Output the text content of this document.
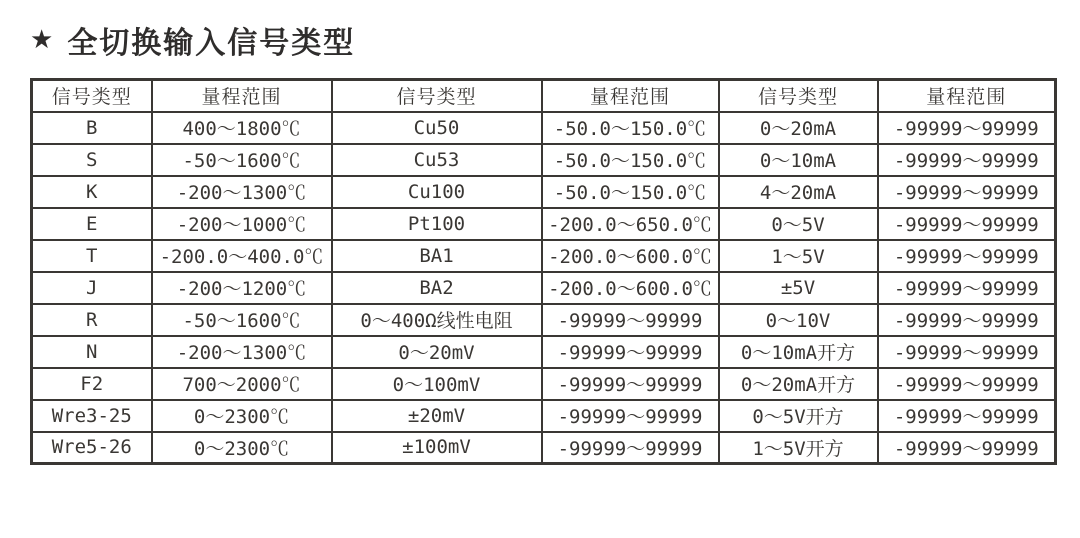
★ 全切换输入信号类型
信号类型	量程范围	信号类型	量程范围	信号类型	量程范围
B	400～1800℃	Cu50	-50.0～150.0℃	0～20mA	-99999～99999
S	-50～1600℃	Cu53	-50.0～150.0℃	0～10mA	-99999～99999
K	-200～1300℃	Cu100	-50.0～150.0℃	4～20mA	-99999～99999
E	-200～1000℃	Pt100	-200.0～650.0℃	0～5V	-99999～99999
T	-200.0～400.0℃	BA1	-200.0～600.0℃	1～5V	-99999～99999
J	-200～1200℃	BA2	-200.0～600.0℃	±5V	-99999～99999
R	-50～1600℃	0～400Ω线性电阻	-99999～99999	0～10V	-99999～99999
N	-200～1300℃	0～20mV	-99999～99999	0～10mA开方	-99999～99999
F2	700～2000℃	0～100mV	-99999～99999	0～20mA开方	-99999～99999
Wre3-25	0～2300℃	±20mV	-99999～99999	0～5V开方	-99999～99999
Wre5-26	0～2300℃	±100mV	-99999～99999	1～5V开方	-99999～99999
